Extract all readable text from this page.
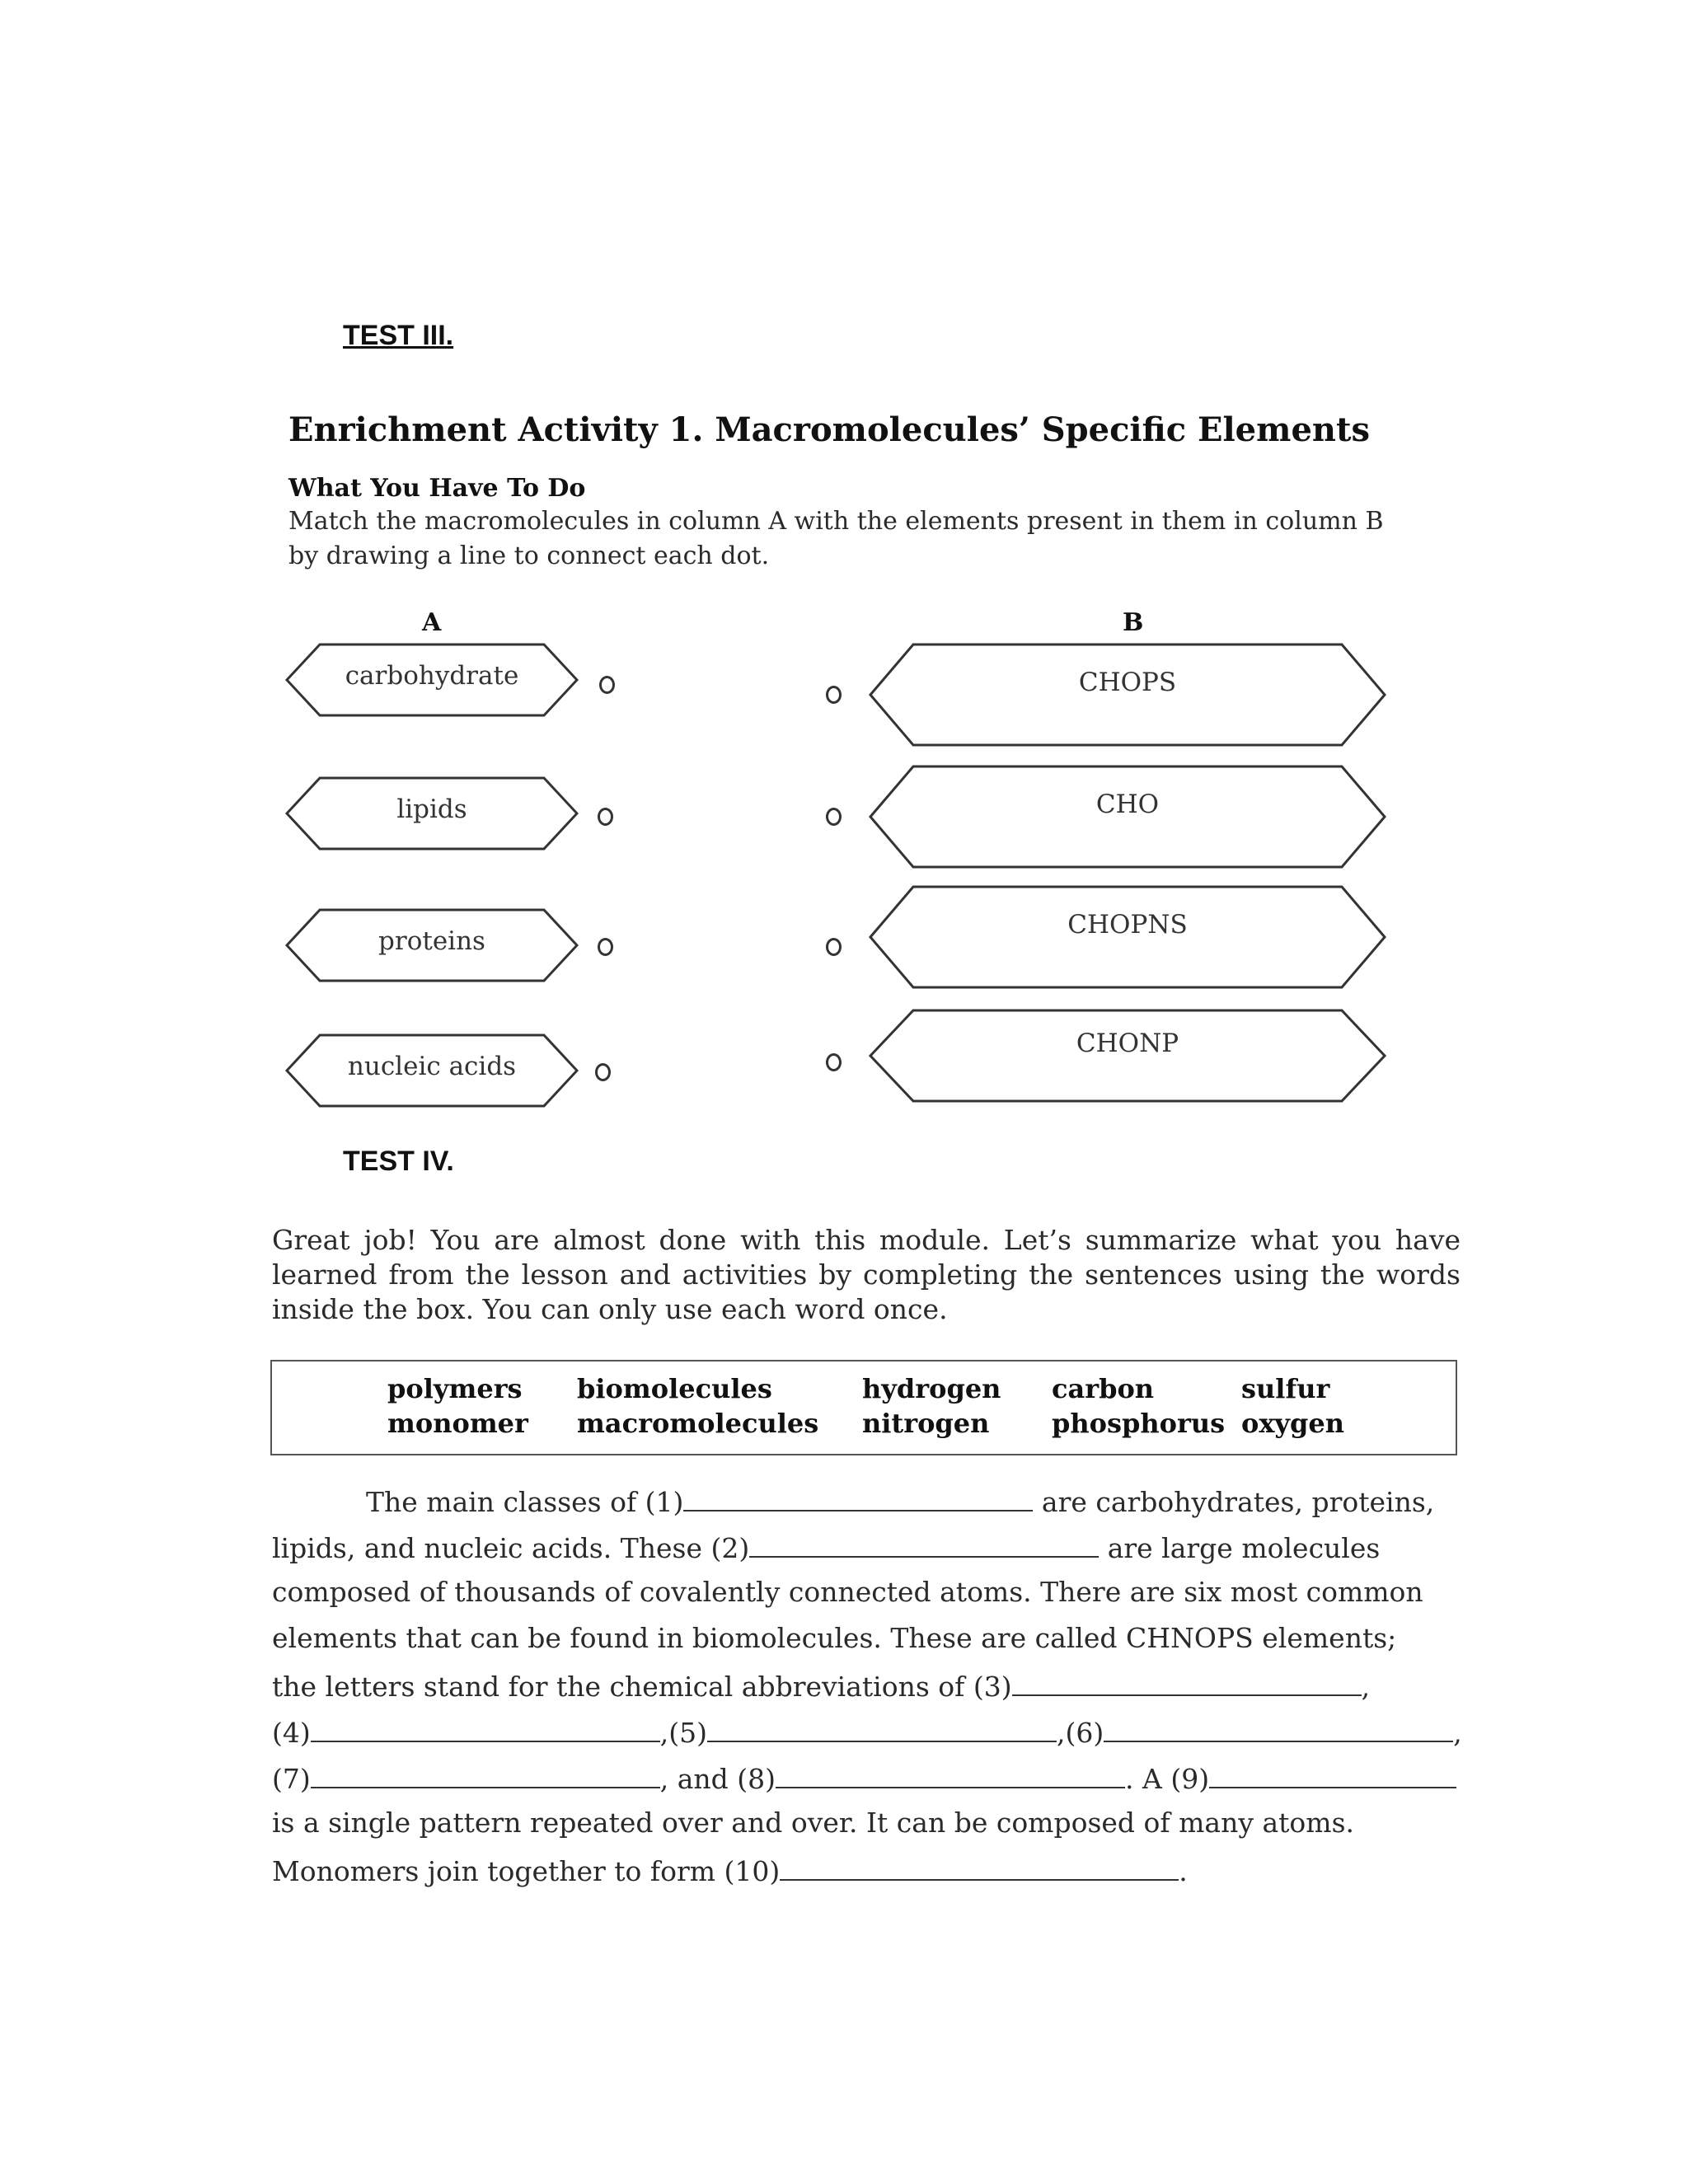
TEST III.
Enrichment Activity 1. Macromolecules’ Specific Elements
What You Have To Do
Match the macromolecules in column A with the elements present in them in column B by drawing a line to connect each dot.
A	B
carbohydrate
lipids
proteins
nucleic acids
CHOPS
CHO
CHOPNS
CHONP
TEST IV.
Great job! You are almost done with this module. Let’s summarize what you have learned from the lesson and activities by completing the sentences using the words inside the box. You can only use each word once.
polymers biomolecules	hydrogen carbon	sulfur
monomer macromolecules nitrogen phosphorus oxygen
The main classes of (1)	are carbohydrates, proteins,
lipids, and nucleic acids. These (2)	are large molecules
composed of thousands of covalently connected atoms. There are six most common
elements that can be found in biomolecules. These are called CHNOPS elements;
the letters stand for the chemical abbreviations of (3)	,
(4)	,(5)	,(6)	,
(7)	, and (8)	. A (9)
is a single pattern repeated over and over. It can be composed of many atoms.
Monomers join together to form (10)	.
